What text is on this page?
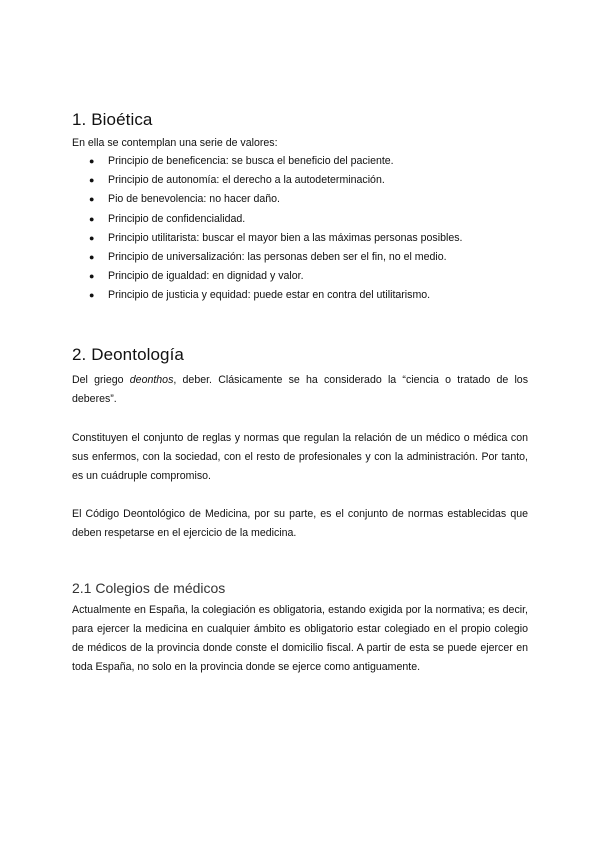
1. Bioética

En ella se contemplan una serie de valores:

● Principio de beneficencia: se busca el beneficio del paciente.
● Principio de autonomía: el derecho a la autodeterminación.
● Pio de benevolencia: no hacer daño.
● Principio de confidencialidad.
● Principio utilitarista: buscar el mayor bien a las máximas personas posibles.
● Principio de universalización: las personas deben ser el fin, no el medio.
● Principio de igualdad: en dignidad y valor.
● Principio de justicia y equidad: puede estar en contra del utilitarismo.
2. Deontología

Del griego deonthos, deber. Clásicamente se ha considerado la “ciencia o tratado de los deberes”.

Constituyen el conjunto de reglas y normas que regulan la relación de un médico o médica con sus enfermos, con la sociedad, con el resto de profesionales y con la administración. Por tanto, es un cuádruple compromiso.

El Código Deontológico de Medicina, por su parte, es el conjunto de normas establecidas que deben respetarse en el ejercicio de la medicina.

2.1 Colegios de médicos

Actualmente en España, la colegiación es obligatoria, estando exigida por la normativa; es decir, para ejercer la medicina en cualquier ámbito es obligatorio estar colegiado en el propio colegio de médicos de la provincia donde conste el domicilio fiscal. A partir de esta se puede ejercer en toda España, no solo en la provincia donde se ejerce como antiguamente.
